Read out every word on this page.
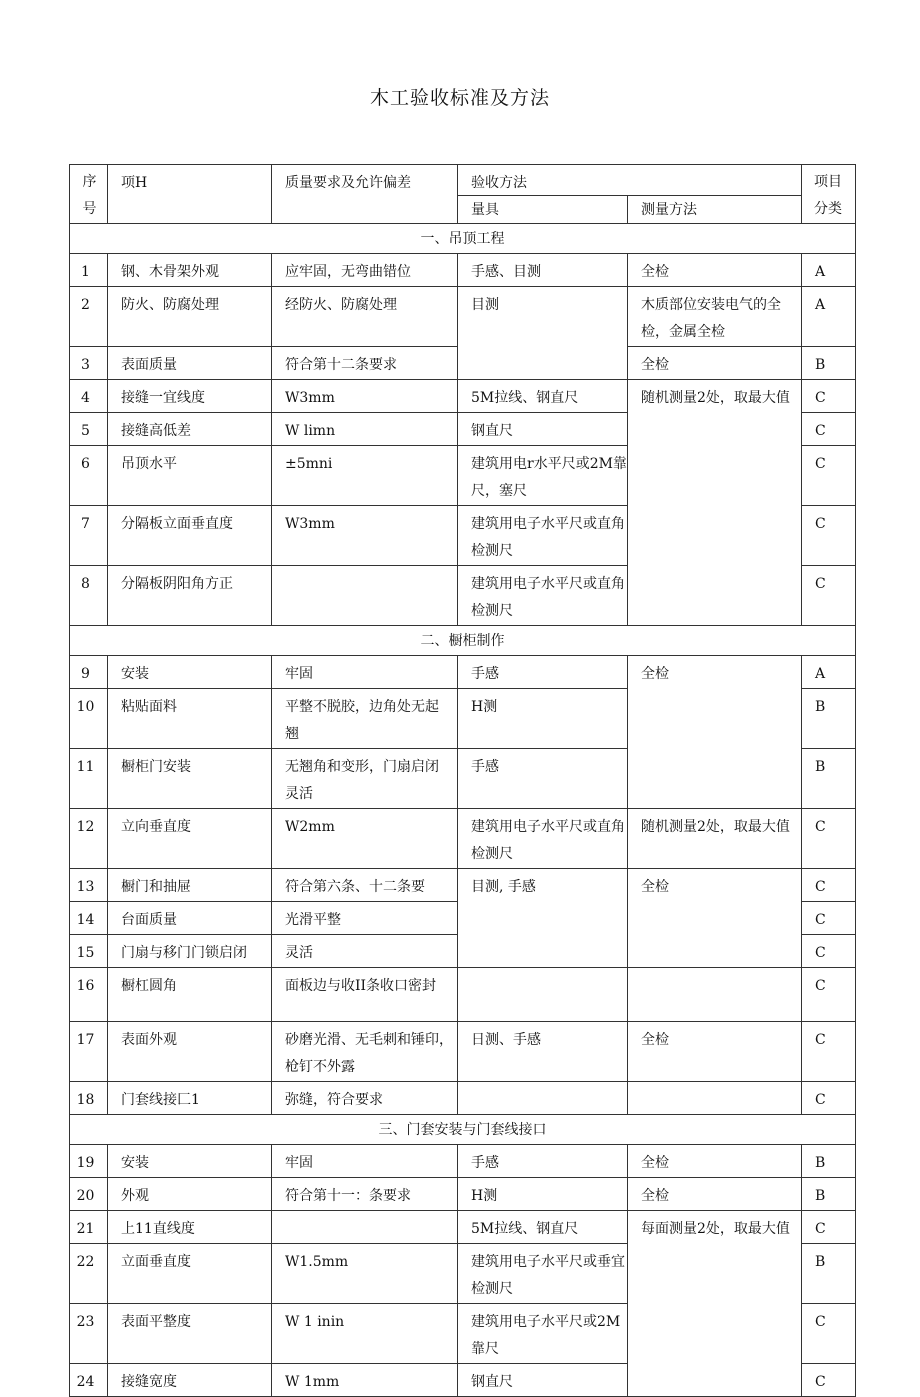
木工验收标准及方法
序号	项H	质量要求及允许偏差	验收方法		项目分类
			量具	测量方法	
一、吊顶工程					
1	钢、木骨架外观	应牢固，无弯曲错位	手感、目测	全检	A
2	防火、防腐处理	经防火、防腐处理	目测	木质部位安装电气的全检，金属全检	A
3	表面质量	符合第十二条要求		全检	B
4	接缝一宜线度	W3mm	5M拉线、钢直尺	随机测量2处，取最大值	C
5	接缝高低差	W limn	钢直尺		C
6	吊顶水平	±5mni	建筑用电r水平尺或2M靠尺，塞尺		C
7	分隔板立面垂直度	W3mm	建筑用电子水平尺或直角检测尺		C
8	分隔板阴阳角方正		建筑用电子水平尺或直角检测尺		C
二、橱柜制作					
9	安装	牢固	手感	全检	A
10	粘贴面料	平整不脱胶，边角处无起 翘	H测		B
11	橱柜门安装	无翘角和变形，门扇启闭 灵活	手感		B
12	立向垂直度	W2mm	建筑用电子水平尺或直角检测尺	随机测量2处，取最大值	C
13	橱门和抽屉	符合第六条、十二条要	目测, 手感	全检	C
14	台面质量	光滑平整			C
15	门扇与移门门锁启闭	灵活			C
16	橱杠圆角	面板边与收II条收口密封			C
17	表面外观	砂磨光滑、无毛刺和锤印，枪钉不外露	日测、手感	全检	C
18	门套线接匚1	弥缝，符合要求			C
三、门套安装与门套线接口					
19	安装	牢固	手感	全检	B
20	外观	符合第十一：条要求	H测	全检	B
21	上11直线度		5M拉线、钢直尺	每面测量2处，取最大值	C
22	立面垂直度	W1.5mm	建筑用电子水平尺或垂宜检测尺		B
23	表面平整度	W 1 inin	建筑用电子水平尺或2M靠尺		C
24	接缝宽度	W 1mm	钢直尺		C
